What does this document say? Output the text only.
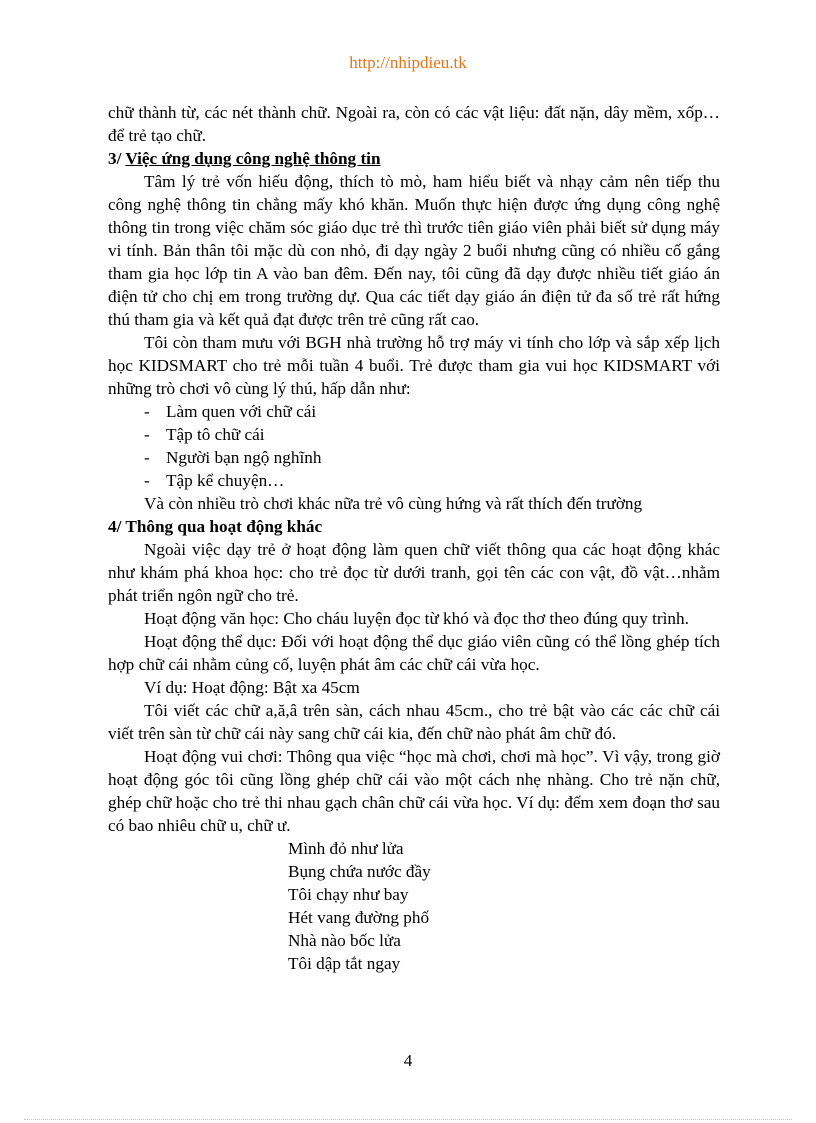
http://nhipdieu.tk

chữ thành từ, các nét thành chữ. Ngoài ra, còn có các vật liệu: đất nặn, dây mềm, xốp…để trẻ tạo chữ.

3/ Việc ứng dụng công nghệ thông tin

Tâm lý trẻ vốn hiếu động, thích tò mò, ham hiểu biết và nhạy cảm nên tiếp thu công nghệ thông tin chẳng mấy khó khăn. Muốn thực hiện được ứng dụng công nghệ thông tin trong việc chăm sóc giáo dục trẻ thì trước tiên giáo viên phải biết sử dụng máy vi tính. Bản thân tôi mặc dù con nhỏ, đi dạy ngày 2 buổi nhưng cũng có nhiều cố gắng tham gia học lớp tin A vào ban đêm. Đến nay, tôi cũng đã dạy được nhiều tiết giáo án điện tử cho chị em trong trường dự. Qua các tiết dạy giáo án điện tử đa số trẻ rất hứng thú tham gia và kết quả đạt được trên trẻ cũng rất cao.

Tôi còn tham mưu với BGH nhà trường hỗ trợ máy vi tính cho lớp và sắp xếp lịch học KIDSMART cho trẻ mỗi tuần 4 buổi. Trẻ được tham gia vui học KIDSMART với những trò chơi vô cùng lý thú, hấp dẫn như:

- Làm quen với chữ cái
- Tập tô chữ cái
- Người bạn ngộ nghĩnh
- Tập kể chuyện…

Và còn nhiều trò chơi khác nữa trẻ vô cùng hứng và rất thích đến trường

4/ Thông qua hoạt động khác

Ngoài việc dạy trẻ ở hoạt động làm quen chữ viết thông qua các hoạt động khác như khám phá khoa học: cho trẻ đọc từ dưới tranh, gọi tên các con vật, đồ vật…nhằm phát triển ngôn ngữ cho trẻ.

Hoạt động văn học: Cho cháu luyện đọc từ khó và đọc thơ theo đúng quy trình.

Hoạt động thể dục: Đối với hoạt động thể dục giáo viên cũng có thể lồng ghép tích hợp chữ cái nhằm củng cố, luyện phát âm các chữ cái vừa học.

Ví dụ: Hoạt động: Bật xa 45cm

Tôi viết các chữ a,ă,â trên sàn, cách nhau 45cm., cho trẻ bật vào các các chữ cái viết trên sàn từ chữ cái này sang chữ cái kia, đến chữ nào phát âm chữ đó.

Hoạt động vui chơi: Thông qua việc “học mà chơi, chơi mà học”. Vì vậy, trong giờ hoạt động góc tôi cũng lồng ghép chữ cái vào một cách nhẹ nhàng. Cho trẻ nặn chữ, ghép chữ hoặc cho trẻ thi nhau gạch chân chữ cái vừa học. Ví dụ: đếm xem đoạn thơ sau có bao nhiêu chữ u, chữ ư.

Mình đỏ như lửa

Bụng chứa nước đầy

Tôi chạy như bay

Hét vang đường phố

Nhà nào bốc lửa

Tôi dập tắt ngay

4
